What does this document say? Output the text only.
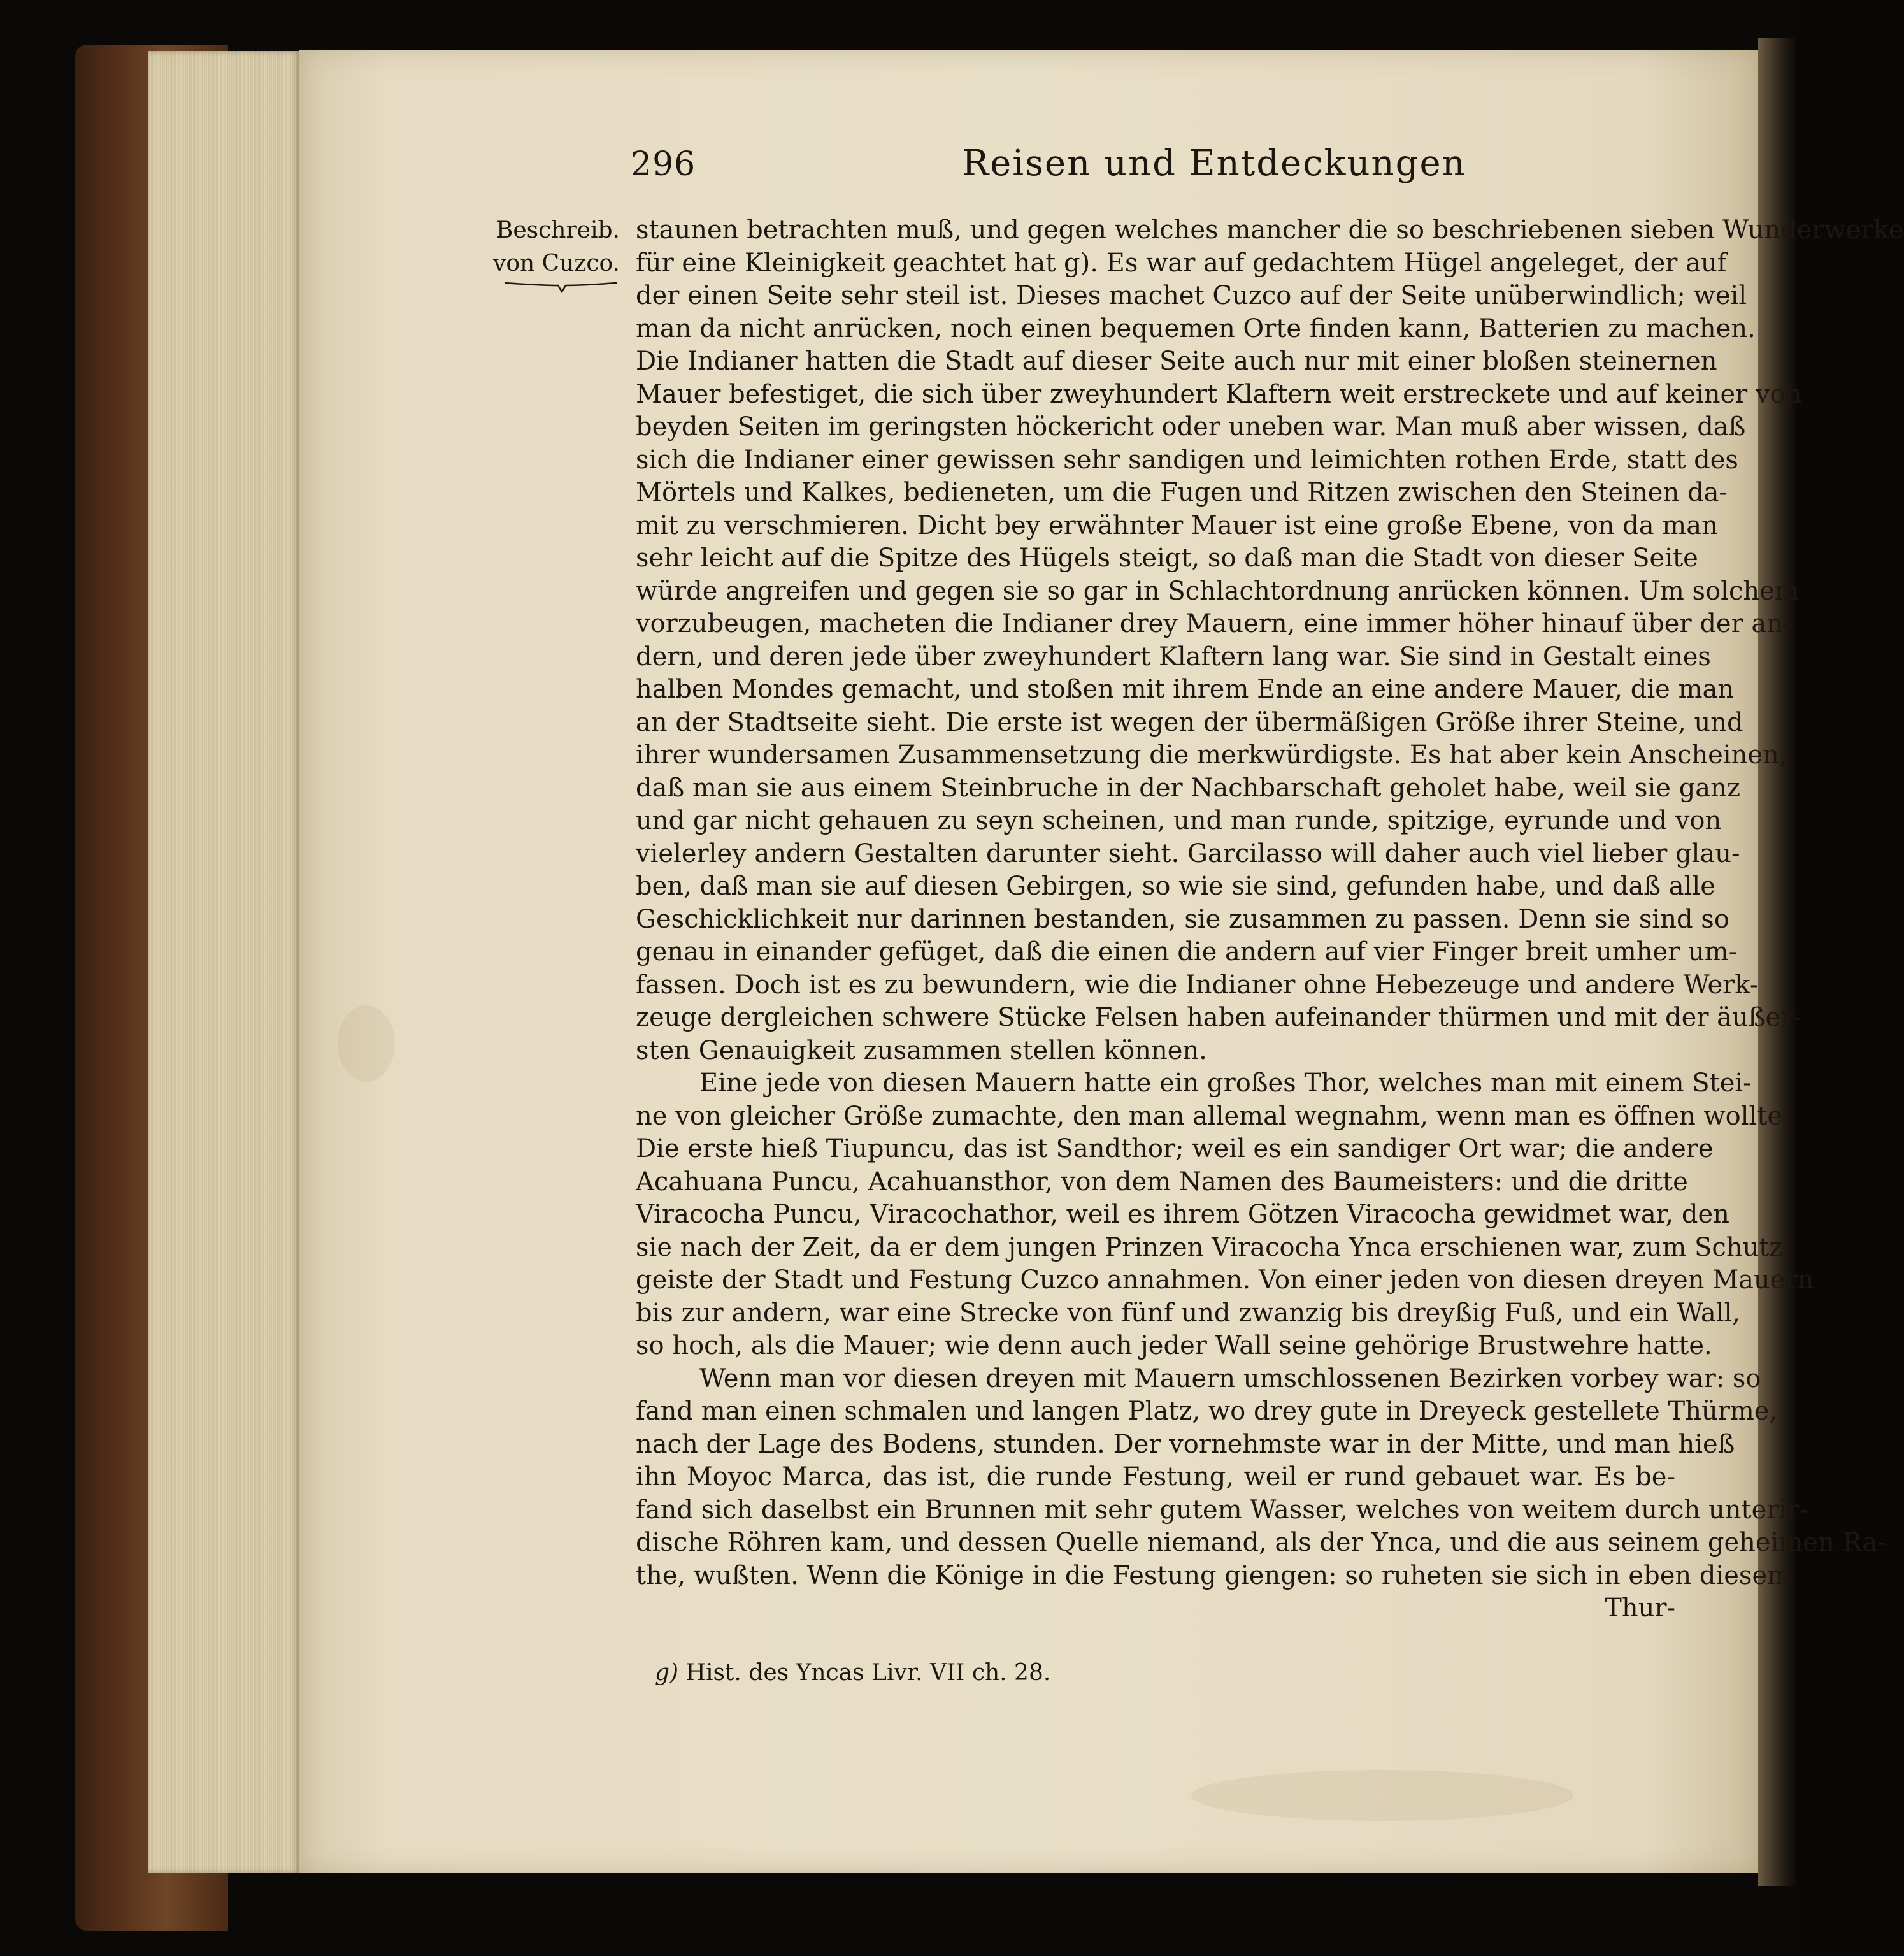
296	Reisen und Entdeckungen
Beschreib.
von Cuzco.
staunen betrachten muß, und gegen welches mancher die so beschriebenen sieben Wunderwerke
für eine Kleinigkeit geachtet hat g). Es war auf gedachtem Hügel angeleget, der auf
der einen Seite sehr steil ist. Dieses machet Cuzco auf der Seite unüberwindlich; weil
man da nicht anrücken, noch einen bequemen Orte finden kann, Batterien zu machen.
Die Indianer hatten die Stadt auf dieser Seite auch nur mit einer bloßen steinernen
Mauer befestiget, die sich über zweyhundert Klaftern weit erstreckete und auf keiner von
beyden Seiten im geringsten höckericht oder uneben war. Man muß aber wissen, daß
sich die Indianer einer gewissen sehr sandigen und leimichten rothen Erde, statt des
Mörtels und Kalkes, bedieneten, um die Fugen und Ritzen zwischen den Steinen da-
mit zu verschmieren. Dicht bey erwähnter Mauer ist eine große Ebene, von da man
sehr leicht auf die Spitze des Hügels steigt, so daß man die Stadt von dieser Seite
würde angreifen und gegen sie so gar in Schlachtordnung anrücken können. Um solchem
vorzubeugen, macheten die Indianer drey Mauern, eine immer höher hinauf über der an-
dern, und deren jede über zweyhundert Klaftern lang war. Sie sind in Gestalt eines
halben Mondes gemacht, und stoßen mit ihrem Ende an eine andere Mauer, die man
an der Stadtseite sieht. Die erste ist wegen der übermäßigen Größe ihrer Steine, und
ihrer wundersamen Zusammensetzung die merkwürdigste. Es hat aber kein Anscheinen,
daß man sie aus einem Steinbruche in der Nachbarschaft geholet habe, weil sie ganz
und gar nicht gehauen zu seyn scheinen, und man runde, spitzige, eyrunde und von
vielerley andern Gestalten darunter sieht. Garcilasso will daher auch viel lieber glau-
ben, daß man sie auf diesen Gebirgen, so wie sie sind, gefunden habe, und daß alle
Geschicklichkeit nur darinnen bestanden, sie zusammen zu passen. Denn sie sind so
genau in einander gefüget, daß die einen die andern auf vier Finger breit umher um-
fassen. Doch ist es zu bewundern, wie die Indianer ohne Hebezeuge und andere Werk-
zeuge dergleichen schwere Stücke Felsen haben aufeinander thürmen und mit der äußer-
sten Genauigkeit zusammen stellen können.
Eine jede von diesen Mauern hatte ein großes Thor, welches man mit einem Stei-
ne von gleicher Größe zumachte, den man allemal wegnahm, wenn man es öffnen wollte.
Die erste hieß Tiupuncu, das ist Sandthor; weil es ein sandiger Ort war; die andere
Acahuana Puncu, Acahuansthor, von dem Namen des Baumeisters: und die dritte
Viracocha Puncu, Viracochathor, weil es ihrem Götzen Viracocha gewidmet war, den
sie nach der Zeit, da er dem jungen Prinzen Viracocha Ynca erschienen war, zum Schutz-
geiste der Stadt und Festung Cuzco annahmen. Von einer jeden von diesen dreyen Mauern
bis zur andern, war eine Strecke von fünf und zwanzig bis dreyßig Fuß, und ein Wall,
so hoch, als die Mauer; wie denn auch jeder Wall seine gehörige Brustwehre hatte.
Wenn man vor diesen dreyen mit Mauern umschlossenen Bezirken vorbey war: so
fand man einen schmalen und langen Platz, wo drey gute in Dreyeck gestellete Thürme,
nach der Lage des Bodens, stunden. Der vornehmste war in der Mitte, und man hieß
ihn Moyoc Marca, das ist, die runde Festung, weil er rund gebauet war. Es be-
fand sich daselbst ein Brunnen mit sehr gutem Wasser, welches von weitem durch unterir-
dische Röhren kam, und dessen Quelle niemand, als der Ynca, und die aus seinem geheimen Ra-
the, wußten. Wenn die Könige in die Festung giengen: so ruheten sie sich in eben diesem
Thur-
g) Hist. des Yncas Livr. VII ch. 28.
